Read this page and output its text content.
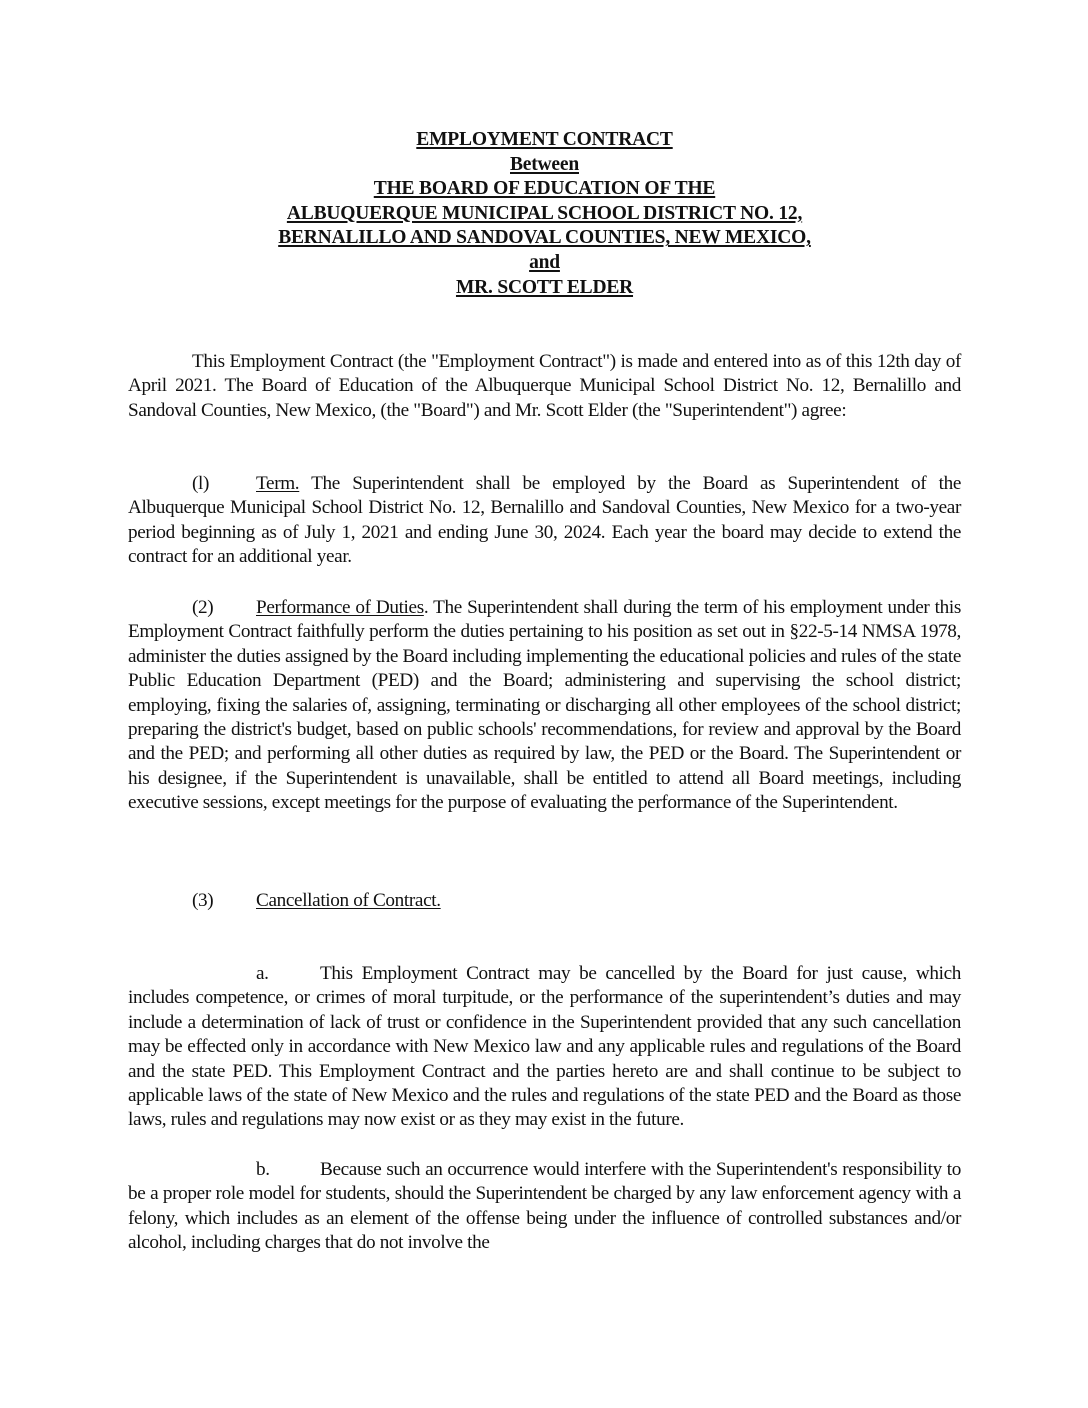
EMPLOYMENT CONTRACT
Between
THE BOARD OF EDUCATION OF THE
ALBUQUERQUE MUNICIPAL SCHOOL DISTRICT NO. 12,
BERNALILLO AND SANDOVAL COUNTIES, NEW MEXICO,
and
MR. SCOTT ELDER

This Employment Contract (the "Employment Contract") is made and entered into as of this 12th day of April 2021. The Board of Education of the Albuquerque Municipal School District No. 12, Bernalillo and Sandoval Counties, New Mexico, (the "Board") and Mr. Scott Elder (the "Superintendent") agree:

(l) Term. The Superintendent shall be employed by the Board as Superintendent of the Albuquerque Municipal School District No. 12, Bernalillo and Sandoval Counties, New Mexico for a two-year period beginning as of July 1, 2021 and ending June 30, 2024. Each year the board may decide to extend the contract for an additional year.

(2) Performance of Duties. The Superintendent shall during the term of his employment under this Employment Contract faithfully perform the duties pertaining to his position as set out in §22-5-14 NMSA 1978, administer the duties assigned by the Board including implementing the educational policies and rules of the state Public Education Department (PED) and the Board; administering and supervising the school district; employing, fixing the salaries of, assigning, terminating or discharging all other employees of the school district; preparing the district's budget, based on public schools' recommendations, for review and approval by the Board and the PED; and performing all other duties as required by law, the PED or the Board. The Superintendent or his designee, if the Superintendent is unavailable, shall be entitled to attend all Board meetings, including executive sessions, except meetings for the purpose of evaluating the performance of the Superintendent.

(3) Cancellation of Contract.

a.	This Employment Contract may be cancelled by the Board for just cause, which includes competence, or crimes of moral turpitude, or the performance of the superintendent’s duties and may include a determination of lack of trust or confidence in the Superintendent provided that any such cancellation may be effected only in accordance with New Mexico law and any applicable rules and regulations of the Board and the state PED. This Employment Contract and the parties hereto are and shall continue to be subject to applicable laws of the state of New Mexico and the rules and regulations of the state PED and the Board as those laws, rules and regulations may now exist or as they may exist in the future.

b.	Because such an occurrence would interfere with the Superintendent's responsibility to be a proper role model for students, should the Superintendent be charged by any law enforcement agency with a felony, which includes as an element of the offense being under the influence of controlled substances and/or alcohol, including charges that do not involve the
